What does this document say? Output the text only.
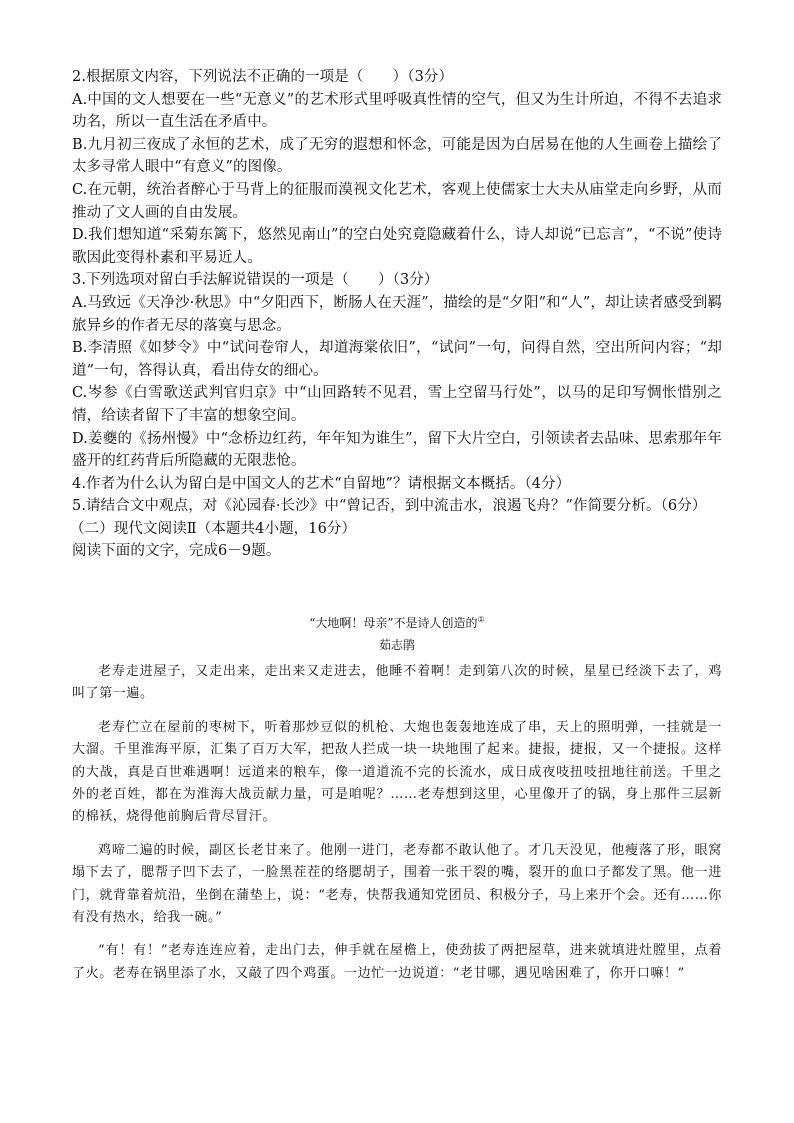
2.根据原文内容，下列说法不正确的一项是（　　）（3分）

A.中国的文人想要在一些“无意义”的艺术形式里呼吸真性情的空气，但又为生计所迫，不得不去追求功名，所以一直生活在矛盾中。

B.九月初三夜成了永恒的艺术，成了无穷的遐想和怀念，可能是因为白居易在他的人生画卷上描绘了太多寻常人眼中“有意义”的图像。

C.在元朝，统治者醉心于马背上的征服而漠视文化艺术，客观上使儒家士大夫从庙堂走向乡野，从而推动了文人画的自由发展。

D.我们想知道“采菊东篱下，悠然见南山”的空白处究竟隐藏着什么，诗人却说“已忘言”，“不说”使诗歌因此变得朴素和平易近人。

3.下列选项对留白手法解说错误的一项是（　　）（3分）

A.马致远《天净沙·秋思》中“夕阳西下，断肠人在天涯”，描绘的是“夕阳”和“人”，却让读者感受到羁旅异乡的作者无尽的落寞与思念。

B.李清照《如梦令》中“试问卷帘人，却道海棠依旧”，“试问”一句，问得自然，空出所问内容；“却道”一句，答得认真，看出侍女的细心。

C.岑参《白雪歌送武判官归京》中“山回路转不见君，雪上空留马行处”，以马的足印写惆怅惜别之情，给读者留下了丰富的想象空间。

D.姜夔的《扬州慢》中“念桥边红药，年年知为谁生”，留下大片空白，引领读者去品味、思索那年年盛开的红药背后所隐藏的无限悲怆。

4.作者为什么认为留白是中国文人的艺术“自留地”？请根据文本概括。（4分）

5.请结合文中观点，对《沁园春·长沙》中“曾记否，到中流击水，浪遏飞舟？”作简要分析。（6分）

（二）现代文阅读Ⅱ（本题共4小题，16分）

阅读下面的文字，完成6－9题。

“大地啊！母亲”不是诗人创造的①
茹志鹃

老寿走进屋子，又走出来，走出来又走进去，他睡不着啊！走到第八次的时候，星星已经淡下去了，鸡叫了第一遍。

老寿伫立在屋前的枣树下，听着那炒豆似的机枪、大炮也轰轰地连成了串，天上的照明弹，一挂就是一大溜。千里淮海平原，汇集了百万大军，把敌人拦成一块一块地围了起来。捷报，捷报，又一个捷报。这样的大战，真是百世难遇啊！远道来的粮车，像一道道流不完的长流水，成日成夜吱扭吱扭地往前送。千里之外的老百姓，都在为淮海大战贡献力量，可是咱呢？……老寿想到这里，心里像开了的锅，身上那件三层新的棉袄，烧得他前胸后背尽冒汗。

鸡啼二遍的时候，副区长老甘来了。他刚一进门，老寿都不敢认他了。才几天没见，他瘦落了形，眼窝塌下去了，腮帮子凹下去了，一脸黑茬茬的络腮胡子，围着一张干裂的嘴，裂开的血口子都发了黑。他一进门，就背靠着炕沿，坐倒在蒲垫上，说：“老寿，快帮我通知党团员、积极分子，马上来开个会。还有……你有没有热水，给我一碗。”

“有！有！”老寿连连应着，走出门去，伸手就在屋檐上，使劲拔了两把屋草，进来就填进灶膛里，点着了火。老寿在锅里添了水，又敲了四个鸡蛋。一边忙一边说道：“老甘哪，遇见啥困难了，你开口嘛！”
